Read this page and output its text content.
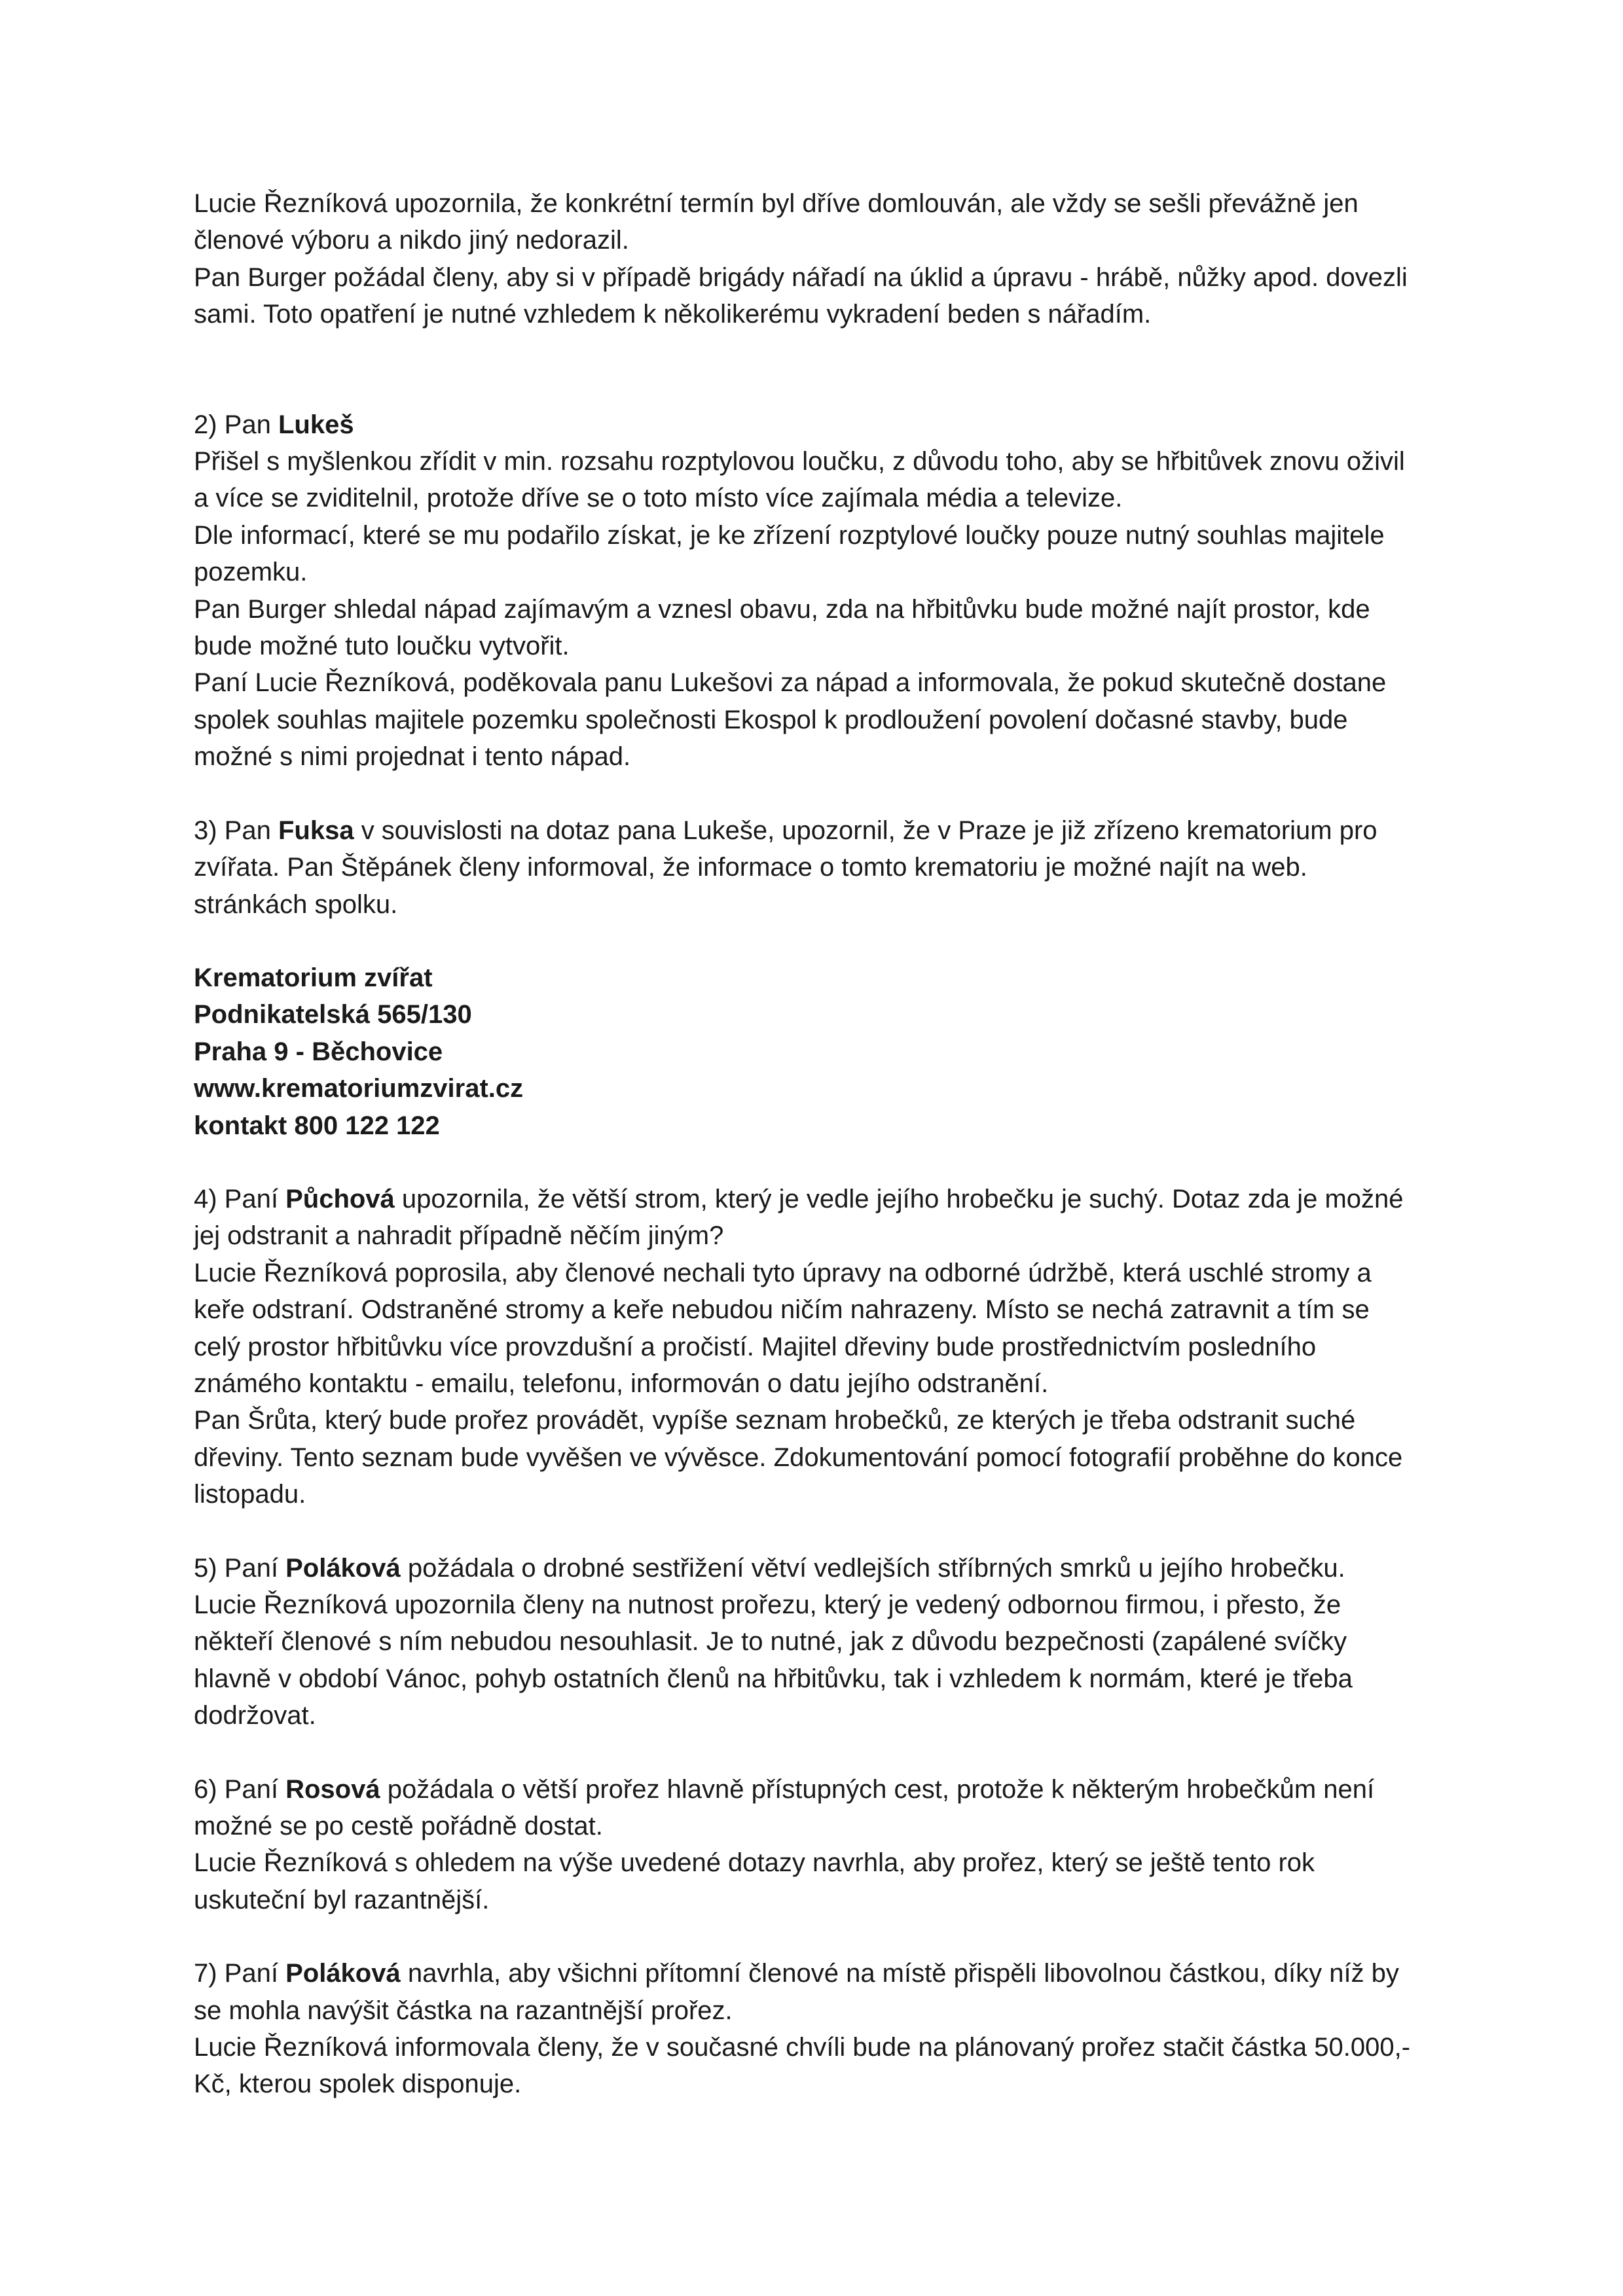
Lucie Řezníková upozornila, že konkrétní termín byl dříve domlouván, ale vždy se sešli převážně jen
členové výboru a nikdo jiný nedorazil.
Pan Burger požádal členy, aby si v případě brigády nářadí na úklid a úpravu - hrábě, nůžky apod. dovezli
sami. Toto opatření je nutné vzhledem k několikerému vykradení beden s nářadím.
2) Pan Lukeš
Přišel s myšlenkou zřídit v min. rozsahu rozptylovou loučku, z důvodu toho, aby se hřbitůvek znovu oživil
a více se zviditelnil, protože dříve se o toto místo více zajímala média a televize.
Dle informací, které se mu podařilo získat, je ke zřízení rozptylové loučky pouze nutný souhlas majitele
pozemku.
Pan Burger shledal nápad zajímavým a vznesl obavu, zda na hřbitůvku bude možné najít prostor, kde
bude možné tuto loučku vytvořit.
Paní Lucie Řezníková, poděkovala panu Lukešovi za nápad a informovala, že pokud skutečně dostane
spolek souhlas majitele pozemku společnosti Ekospol k prodloužení povolení dočasné stavby, bude
možné s nimi projednat i tento nápad.
3) Pan Fuksa v souvislosti na dotaz pana Lukeše, upozornil, že v Praze je již zřízeno krematorium pro
zvířata. Pan Štěpánek členy informoval, že informace o tomto krematoriu je možné najít na web.
stránkách spolku.
Krematorium zvířat
Podnikatelská 565/130
Praha 9 - Běchovice
www.krematoriumzvirat.cz
kontakt 800 122 122
4) Paní Půchová upozornila, že větší strom, který je vedle jejího hrobečku je suchý. Dotaz zda je možné
jej odstranit a nahradit případně něčím jiným?
Lucie Řezníková poprosila, aby členové nechali tyto úpravy na odborné údržbě, která uschlé stromy a
keře odstraní. Odstraněné stromy a keře nebudou ničím nahrazeny. Místo se nechá zatravnit a tím se
celý prostor hřbitůvku více provzdušní a pročistí. Majitel dřeviny bude prostřednictvím posledního
známého kontaktu - emailu, telefonu, informován o datu jejího odstranění.
Pan Šrůta, který bude prořez provádět, vypíše seznam hrobečků, ze kterých je třeba odstranit suché
dřeviny. Tento seznam bude vyvěšen ve vývěsce. Zdokumentování pomocí fotografií proběhne do konce
listopadu.
5) Paní Poláková požádala o drobné sestřižení větví vedlejších stříbrných smrků u jejího hrobečku.
Lucie Řezníková upozornila členy na nutnost prořezu, který je vedený odbornou firmou, i přesto, že
někteří členové s ním nebudou nesouhlasit. Je to nutné, jak z důvodu bezpečnosti (zapálené svíčky
hlavně v období Vánoc, pohyb ostatních členů na hřbitůvku, tak i vzhledem k normám, které je třeba
dodržovat.
6) Paní Rosová požádala o větší prořez hlavně přístupných cest, protože k některým hrobečkům není
možné se po cestě pořádně dostat.
Lucie Řezníková s ohledem na výše uvedené dotazy navrhla, aby prořez, který se ještě tento rok
uskuteční byl razantnější.
7) Paní Poláková navrhla, aby všichni přítomní členové na místě přispěli libovolnou částkou, díky níž by
se mohla navýšit částka na razantnější prořez.
Lucie Řezníková informovala členy, že v současné chvíli bude na plánovaný prořez stačit částka 50.000,-
Kč, kterou spolek disponuje.
